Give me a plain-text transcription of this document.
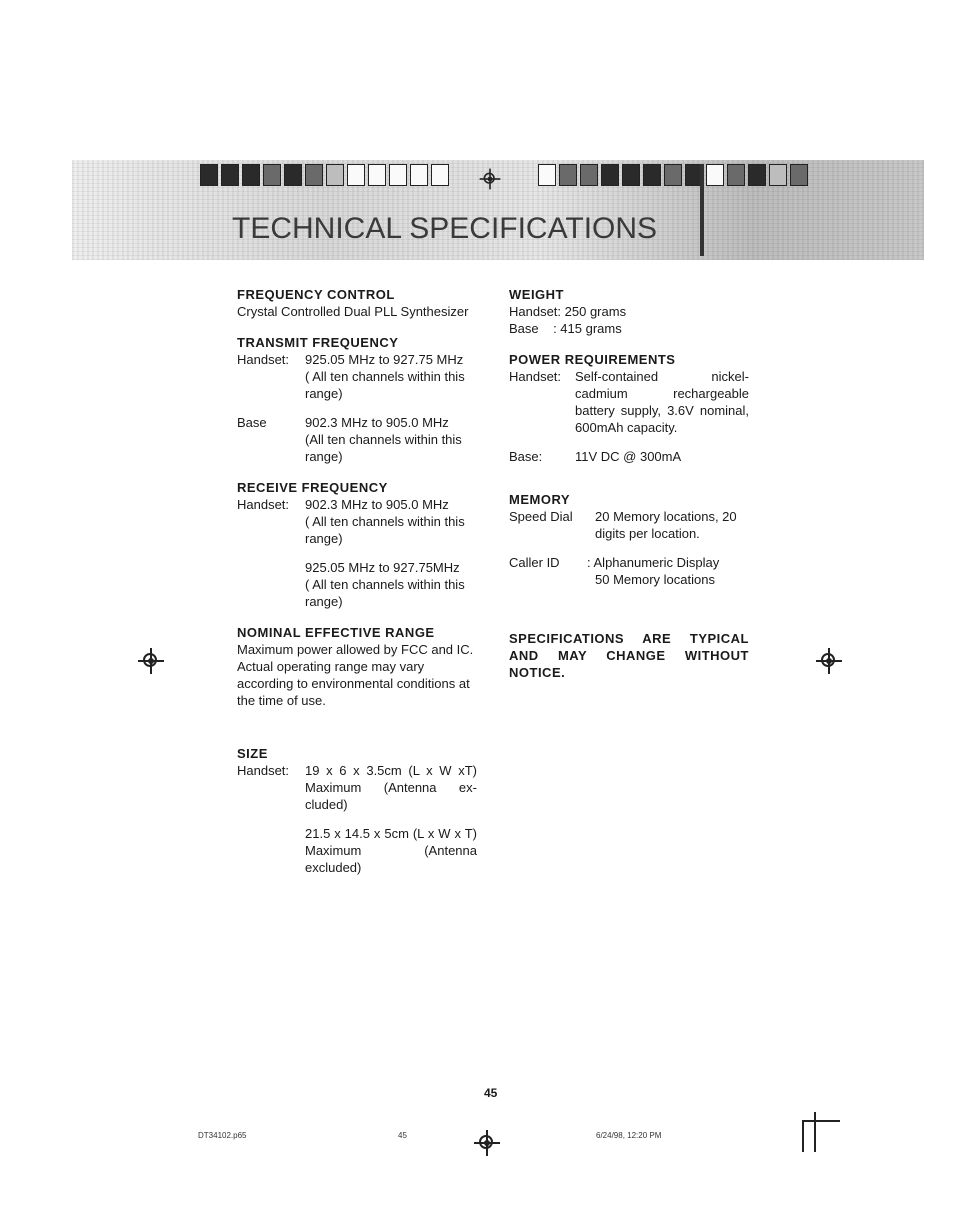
TECHNICAL SPECIFICATIONS
FREQUENCY CONTROL
Crystal Controlled Dual PLL Synthesizer
TRANSMIT FREQUENCY
Handset:	925.05 MHz to 927.75 MHz
( All ten channels within this range)
Base	902.3 MHz to 905.0 MHz
(All ten channels within this range)
RECEIVE FREQUENCY
Handset:	902.3 MHz to 905.0 MHz
( All ten channels within this range)
925.05 MHz to 927.75MHz
( All ten channels within this range)
NOMINAL EFFECTIVE RANGE
Maximum power allowed by FCC and IC. Actual operating range may vary according to environmental conditions at the time of use.
SIZE
Handset:	19 x 6 x 3.5cm (L x W xT) Maximum (Antenna ex- cluded)
21.5 x 14.5 x 5cm (L x W x T) Maximum (Antenna excluded)
WEIGHT
Handset: 250 grams
Base    : 415 grams
POWER REQUIREMENTS
Handset:	Self-contained nickel-cadmium rechargeable battery supply, 3.6V nominal, 600mAh capacity.
Base:	11V DC @ 300mA
MEMORY
Speed Dial	20 Memory locations, 20 digits per location.
Caller ID	: Alphanumeric Display
50 Memory locations
SPECIFICATIONS ARE TYPICAL AND MAY CHANGE WITHOUT NOTICE.
45
DT34102.p65	45	6/24/98, 12:20 PM
